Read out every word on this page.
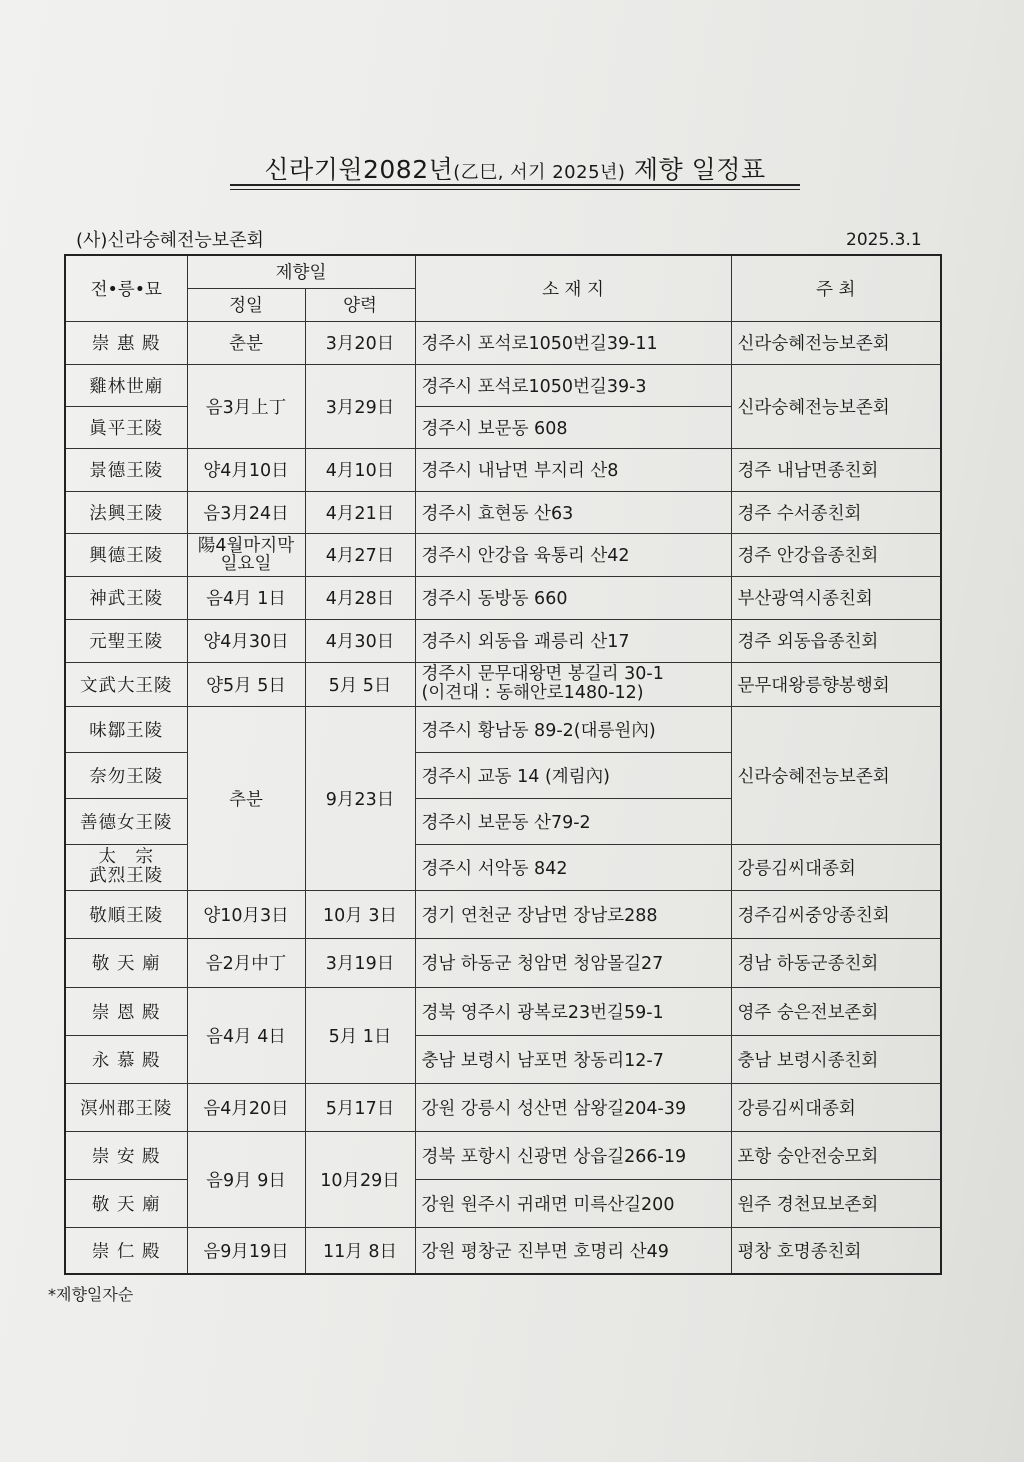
신라기원2082년(乙巳, 서기 2025년) 제향 일정표
(사)신라숭혜전능보존회	2025.3.1
전•릉•묘	제향일		소 재 지	주 최
	정일	양력		
崇 惠 殿	춘분	3月20日	경주시 포석로1050번길39-11	신라숭혜전능보존회
雞林世廟	음3月上丁	3月29日	경주시 포석로1050번길39-3	신라숭혜전능보존회
眞平王陵			경주시 보문동 608	
景德王陵	양4月10日	4月10日	경주시 내남면 부지리 산8	경주 내남면종친회
法興王陵	음3月24日	4月21日	경주시 효현동 산63	경주 수서종친회
興德王陵	陽4월마지막
일요일	4月27日	경주시 안강읍 육통리 산42	경주 안강읍종친회
神武王陵	음4月 1日	4月28日	경주시 동방동 660	부산광역시종친회
元聖王陵	양4月30日	4月30日	경주시 외동읍 괘릉리 산17	경주 외동읍종친회
文武大王陵	양5月 5日	5月 5日	경주시 문무대왕면 봉길리 30-1
(이견대 : 동해안로1480-12)	문무대왕릉향봉행회
味鄒王陵	추분	9月23日	경주시 황남동 89-2(대릉원內)	신라숭혜전능보존회
奈勿王陵			경주시 교동 14 (계림內)	
善德女王陵			경주시 보문동 산79-2	

太　宗
武烈王陵			경주시 서악동 842	강릉김씨대종회
敬順王陵	양10月3日	10月 3日	경기 연천군 장남면 장남로288	경주김씨중앙종친회
敬 天 廟	음2月中丁	3月19日	경남 하동군 청암면 청암몰길27	경남 하동군종친회
崇 恩 殿	음4月 4日	5月 1日	경북 영주시 광복로23번길59-1	영주 숭은전보존회
永 慕 殿			충남 보령시 남포면 창동리12-7	충남 보령시종친회
溟州郡王陵	음4月20日	5月17日	강원 강릉시 성산면 삼왕길204-39	강릉김씨대종회
崇 安 殿	음9月 9日	10月29日	경북 포항시 신광면 상읍길266-19	포항 숭안전숭모회
敬 天 廟			강원 원주시 귀래면 미륵산길200	원주 경천묘보존회
崇 仁 殿	음9月19日	11月 8日	강원 평창군 진부면 호명리 산49	평창 호명종친회
*제향일자순
